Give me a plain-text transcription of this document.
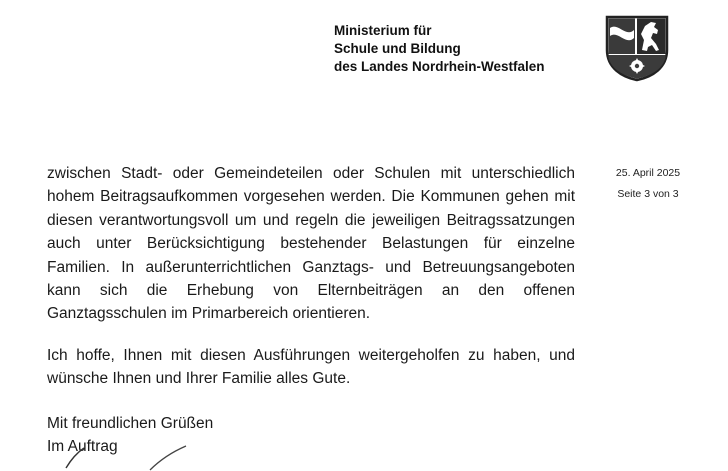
Ministerium für
Schule und Bildung
des Landes Nordrhein-Westfalen
25. April 2025
Seite 3 von 3
zwischen Stadt- oder Gemeindeteilen oder Schulen mit unterschiedlich hohem Beitragsaufkommen vorgesehen werden. Die Kommunen gehen mit diesen verantwortungsvoll um und regeln die jeweiligen Beitragssatzungen auch unter Berücksichtigung bestehender Belastungen für einzelne Familien. In außerunterrichtlichen Ganztags- und Betreuungsangeboten kann sich die Erhebung von Elternbeiträgen an den offenen Ganztagsschulen im Primarbereich orientieren.
Ich hoffe, Ihnen mit diesen Ausführungen weitergeholfen zu haben, und wünsche Ihnen und Ihrer Familie alles Gute.
Mit freundlichen Grüßen
Im Auftrag
